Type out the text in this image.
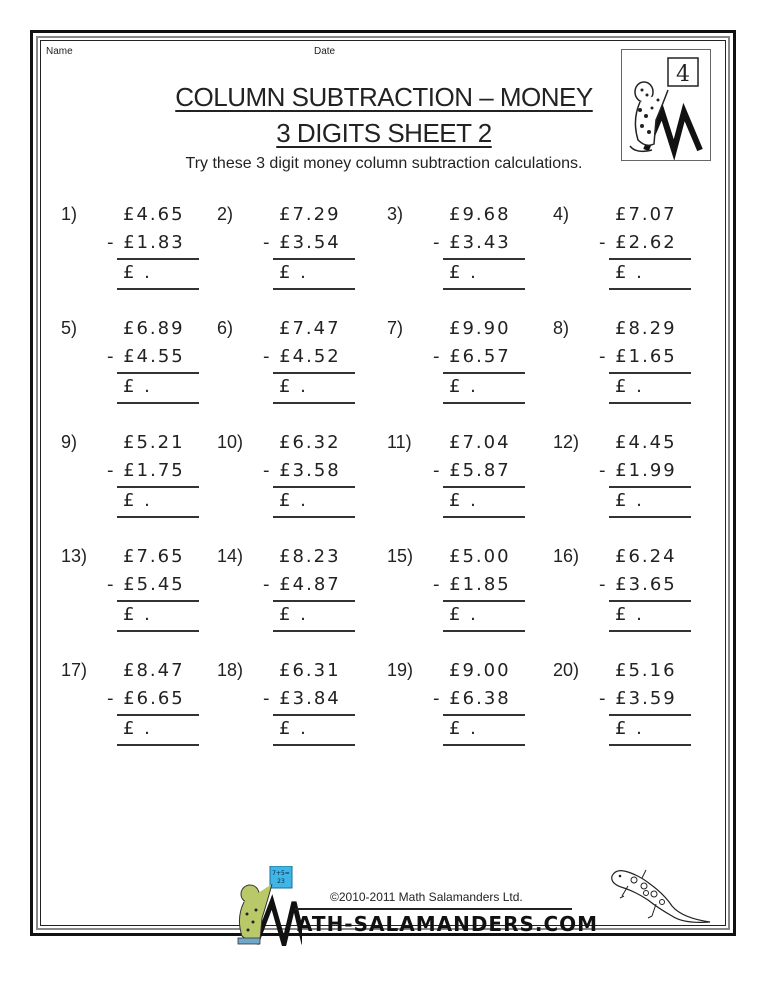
Name	Date
COLUMN SUBTRACTION – MONEY
3 DIGITS SHEET 2
Try these 3 digit money column subtraction calculations.
4
1)	£4.65
- £1.83
£ .
2)	£7.29
- £3.54
£ .
3)	£9.68
- £3.43
£ .
4)	£7.07
- £2.62
£ .
5)	£6.89
- £4.55
£ .
6)	£7.47
- £4.52
£ .
7)	£9.90
- £6.57
£ .
8)	£8.29
- £1.65
£ .
9)	£5.21
- £1.75
£ .
10) £6.32
- £3.58
£ .
11) £7.04
- £5.87
£ .
12) £4.45
- £1.99
£ .
13) £7.65
- £5.45
£ .
14) £8.23
- £4.87
£ .
15) £5.00
- £1.85
£ .
16) £6.24
- £3.65
£ .
17) £8.47
- £6.65
£ .
18) £6.31
- £3.84
£ .
19) £9.00
- £6.38
£ .
20) £5.16
- £3.59
£ .
7+5=
23
©2010-2011 Math Salamanders Ltd.
ATH-SALAMANDERS.COM
